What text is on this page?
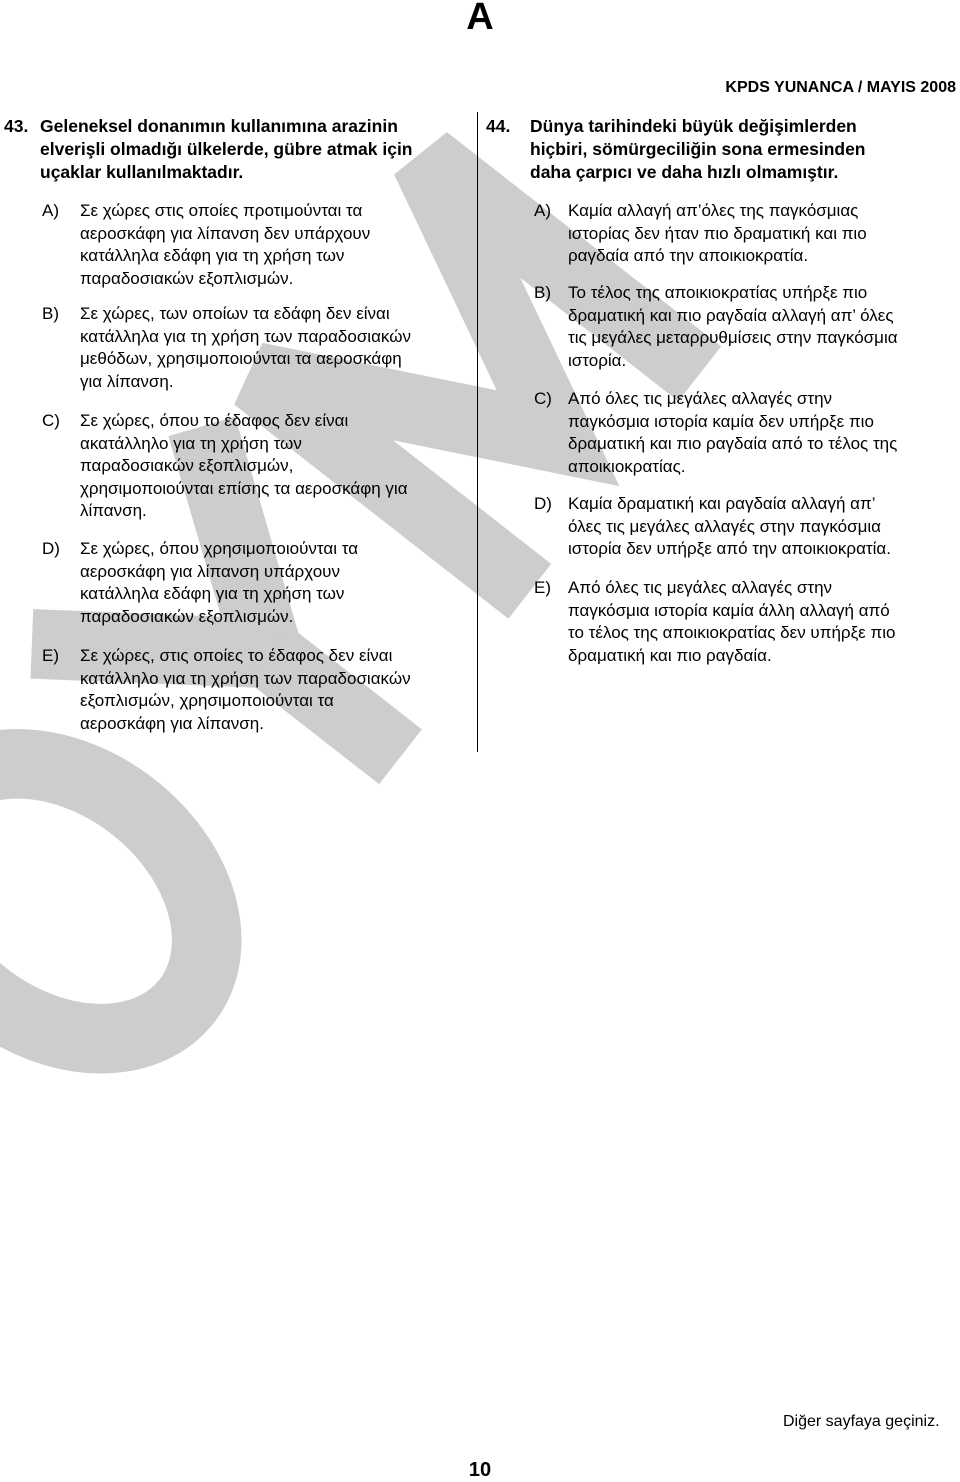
A
KPDS YUNANCA / MAYIS 2008
43. Geleneksel donanımın kullanımına arazinin
elverişli olmadığı ülkelerde, gübre atmak için
uçaklar kullanılmaktadır.
A) Σε χώρες στις οποίες προτιμούνται τα
αεροσκάφη για λίπανση δεν υπάρχουν
κατάλληλα εδάφη για τη χρήση των
παραδοσιακών εξοπλισμών.
B) Σε χώρες, των οποίων τα εδάφη δεν είναι
κατάλληλα για τη χρήση των παραδοσιακών
μεθόδων, χρησιμοποιούνται τα αεροσκάφη
για λίπανση.
C) Σε χώρες, όπου το έδαφος δεν είναι
ακατάλληλο για τη χρήση των
παραδοσιακών εξοπλισμών,
χρησιμοποιούνται επίσης τα αεροσκάφη για
λίπανση.
D) Σε χώρες, όπου χρησιμοποιούνται τα
αεροσκάφη για λίπανση υπάρχουν
κατάλληλα εδάφη για τη χρήση των
παραδοσιακών εξοπλισμών.
E) Σε χώρες, στις οποίες το έδαφος δεν είναι
κατάλληλο για τη χρήση των παραδοσιακών
εξοπλισμών, χρησιμοποιούνται τα
αεροσκάφη για λίπανση.
44. Dünya tarihindeki büyük değişimlerden
hiçbiri, sömürgeciliğin sona ermesinden
daha çarpıcı ve daha hızlı olmamıştır.
A) Καμία αλλαγή απ’όλες της παγκόσμιας
ιστορίας δεν ήταν πιο δραματική και πιο
ραγδαία από την αποικιοκρατία.
B) Το τέλος της αποικιοκρατίας υπήρξε πιο
δραματική και πιο ραγδαία αλλαγή απ’ όλες
τις μεγάλες μεταρρυθμίσεις στην παγκόσμια
ιστορία.
C) Από όλες τις μεγάλες αλλαγές στην
παγκόσμια ιστορία καμία δεν υπήρξε πιο
δραματική και πιο ραγδαία από το τέλος της
αποικιοκρατίας.
D) Καμία δραματική και ραγδαία αλλαγή απ’
όλες τις μεγάλες αλλαγές στην παγκόσμια
ιστορία δεν υπήρξε από την αποικιοκρατία.
E) Από όλες τις μεγάλες αλλαγές στην
παγκόσμια ιστορία καμία άλλη αλλαγή από
το τέλος της αποικιοκρατίας δεν υπήρξε πιο
δραματική και πιο ραγδαία.
Diğer sayfaya geçiniz.
10
